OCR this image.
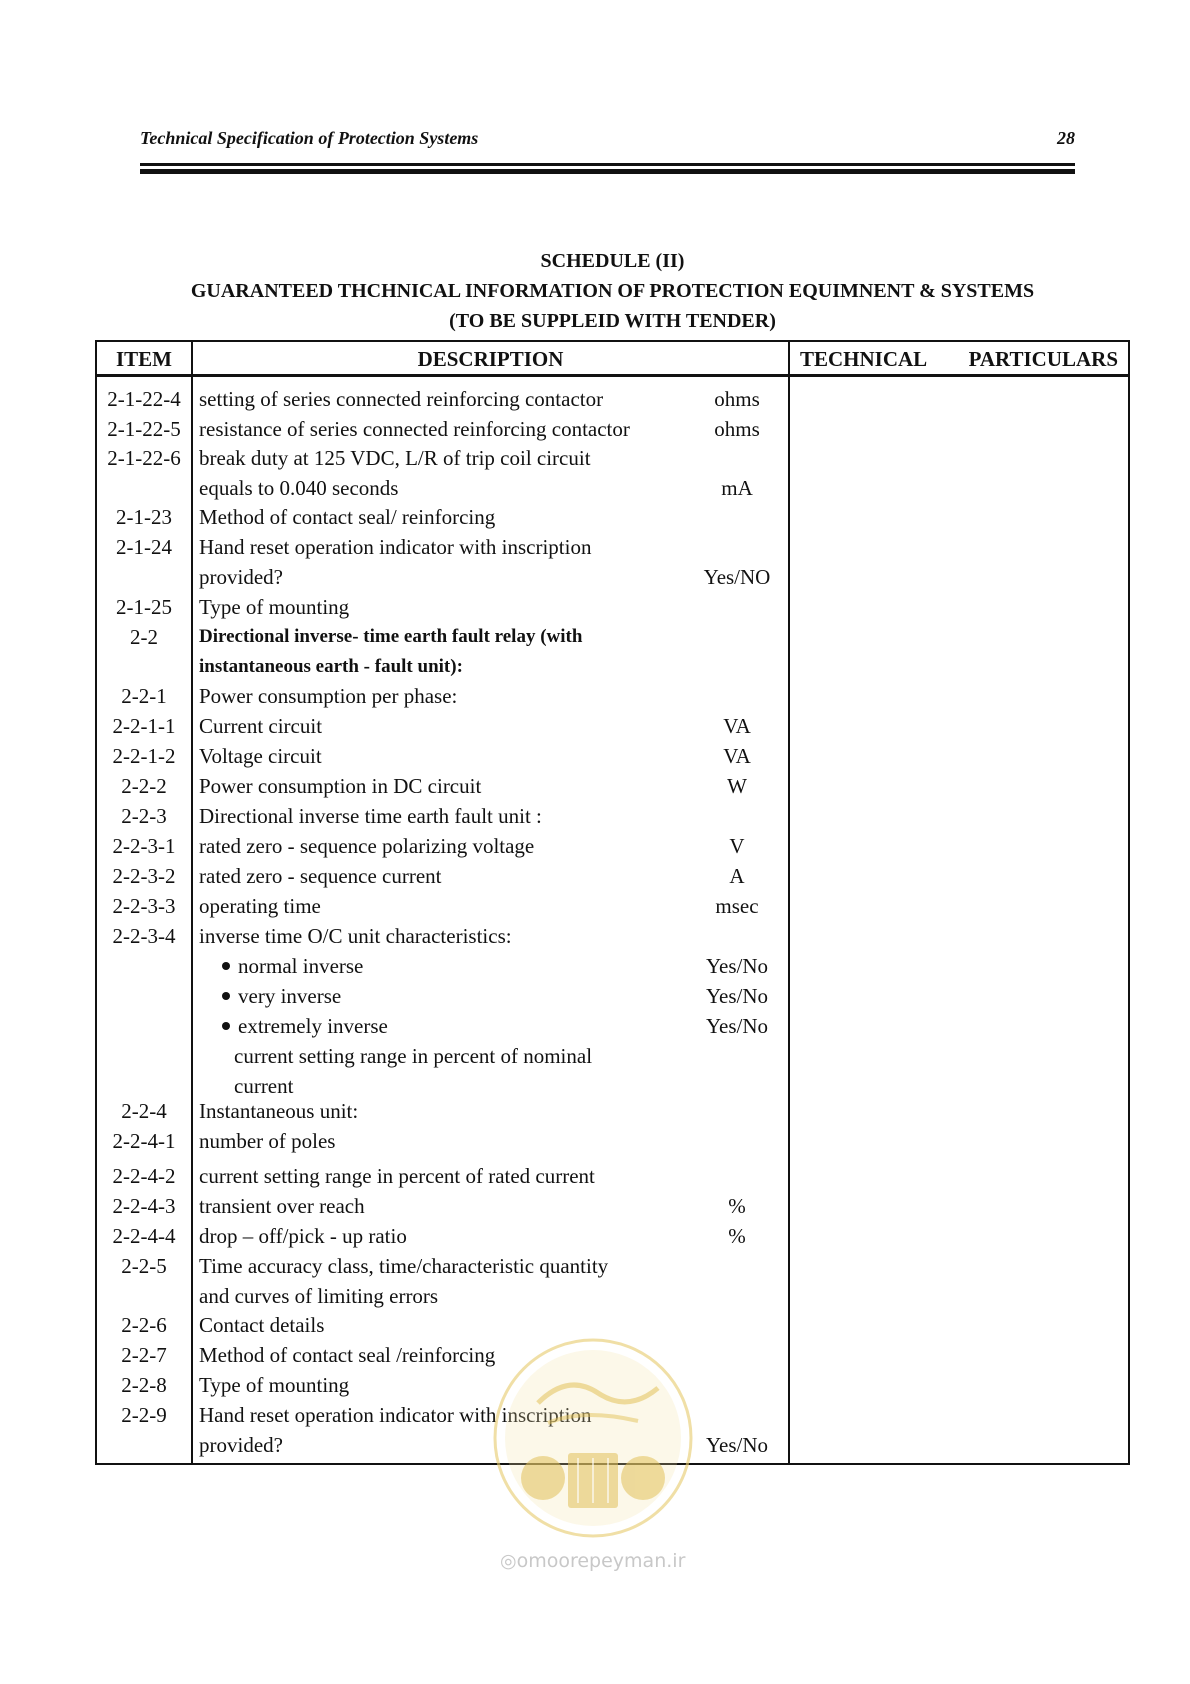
Technical Specification of Protection Systems	28
SCHEDULE (II)
GUARANTEED THCHNICAL INFORMATION OF PROTECTION EQUIMNENT & SYSTEMS
(TO BE SUPPLEID WITH TENDER)
ITEM	DESCRIPTION	TECHNICAL PARTICULARS
2-1-22-4 setting of series connected reinforcing contactor	ohms
2-1-22-5 resistance of series connected reinforcing contactor	ohms
2-1-22-6 break duty at 125 VDC, L/R of trip coil circuit
equals to 0.040 seconds	mA
2-1-23	Method of contact seal/ reinforcing
2-1-24	Hand reset operation indicator with inscription
provided?	Yes/NO
2-1-25	Type of mounting
2-2	Directional inverse- time earth fault relay (with
instantaneous earth - fault unit):
2-2-1	Power consumption per phase:
2-2-1-1	Current circuit	VA
2-2-1-2	Voltage circuit	VA
2-2-2	Power consumption in DC circuit	W
2-2-3	Directional inverse time earth fault unit :
2-2-3-1	rated zero - sequence polarizing voltage	V
2-2-3-2	rated zero - sequence current	A
2-2-3-3	operating time	msec
2-2-3-4	inverse time O/C unit characteristics:
normal inverse	Yes/No
very inverse	Yes/No
extremely inverse	Yes/No
current setting range in percent of nominal
current
2-2-4	Instantaneous unit:
2-2-4-1	number of poles
2-2-4-2	current setting range in percent of rated current
2-2-4-3	transient over reach	%
2-2-4-4	drop – off/pick - up ratio	%
2-2-5	Time accuracy class, time/characteristic quantity
and curves of limiting errors
2-2-6	Contact details
2-2-7	Method of contact seal /reinforcing
2-2-8	Type of mounting
2-2-9	Hand reset operation indicator with inscription
provided?	Yes/No
◎omoorepeyman.ir
